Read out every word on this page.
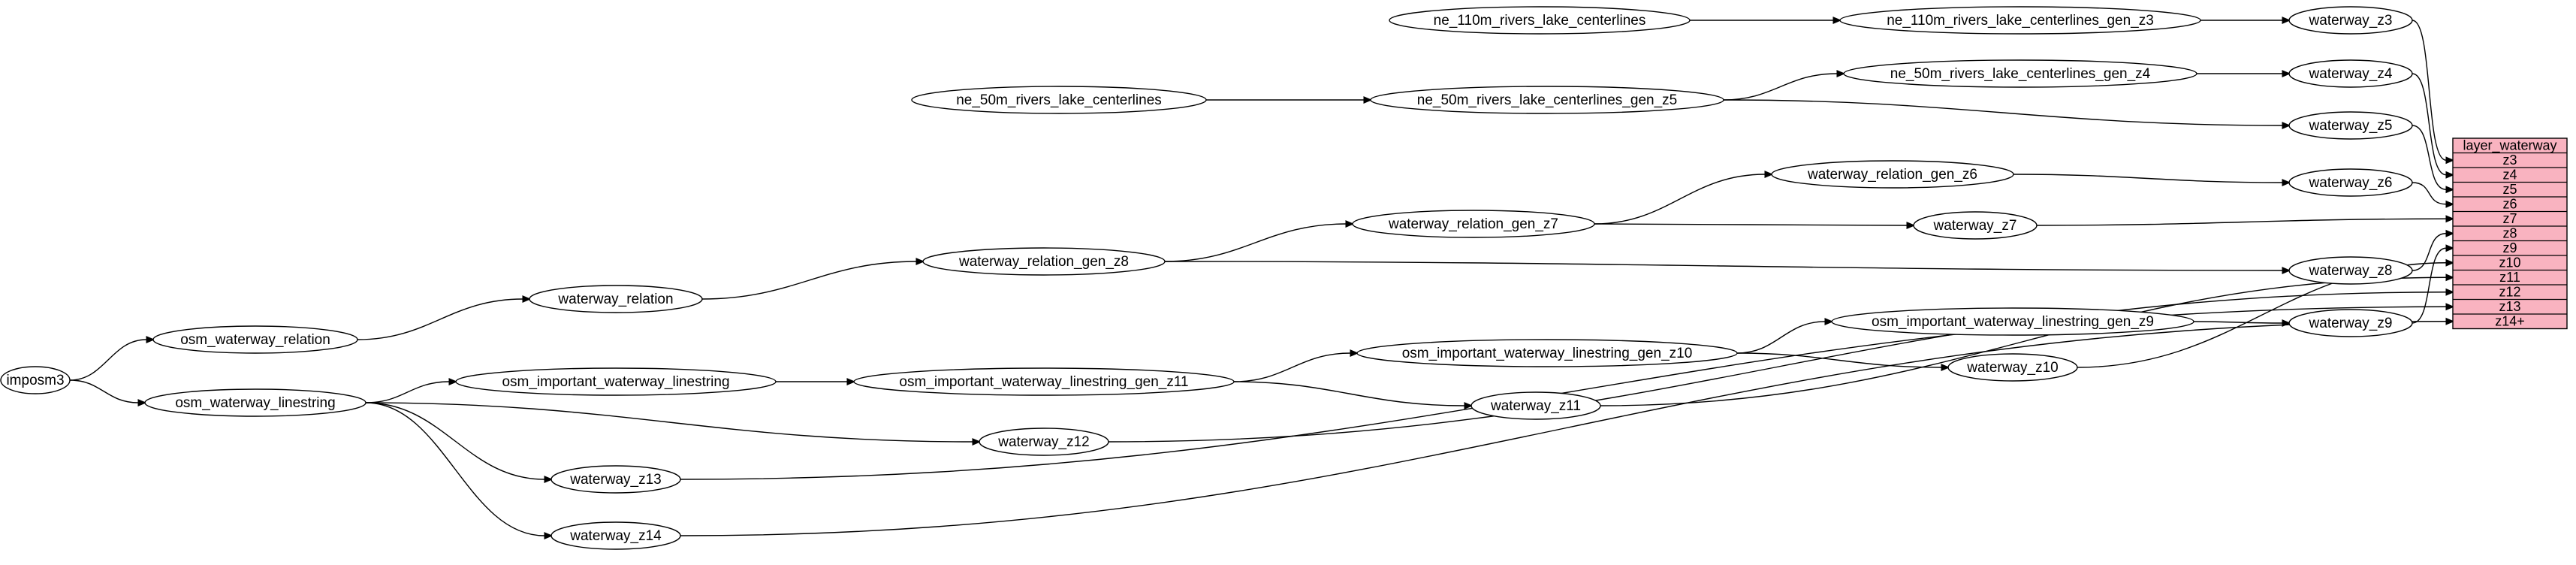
imposm3
osm_waterway_relation
osm_waterway_linestring
waterway_relation
osm_important_waterway_linestring
waterway_relation_gen_z8
osm_important_waterway_linestring_gen_z11
waterway_relation_gen_z7
osm_important_waterway_linestring_gen_z10
waterway_relation_gen_z6
osm_important_waterway_linestring_gen_z9
ne_110m_rivers_lake_centerlines	ne_110m_rivers_lake_centerlines_gen_z3
ne_50m_rivers_lake_centerlines	ne_50m_rivers_lake_centerlines_gen_z5
ne_50m_rivers_lake_centerlines_gen_z4
waterway_z3
waterway_z4
waterway_z5
waterway_z6
waterway_z7
waterway_z8
waterway_z9
waterway_z10
waterway_z11
waterway_z12
waterway_z13
waterway_z14
layer_waterway
z3
z4
z5
z6
z7
z8
z9
z10
z11
z12
z13
z14+
